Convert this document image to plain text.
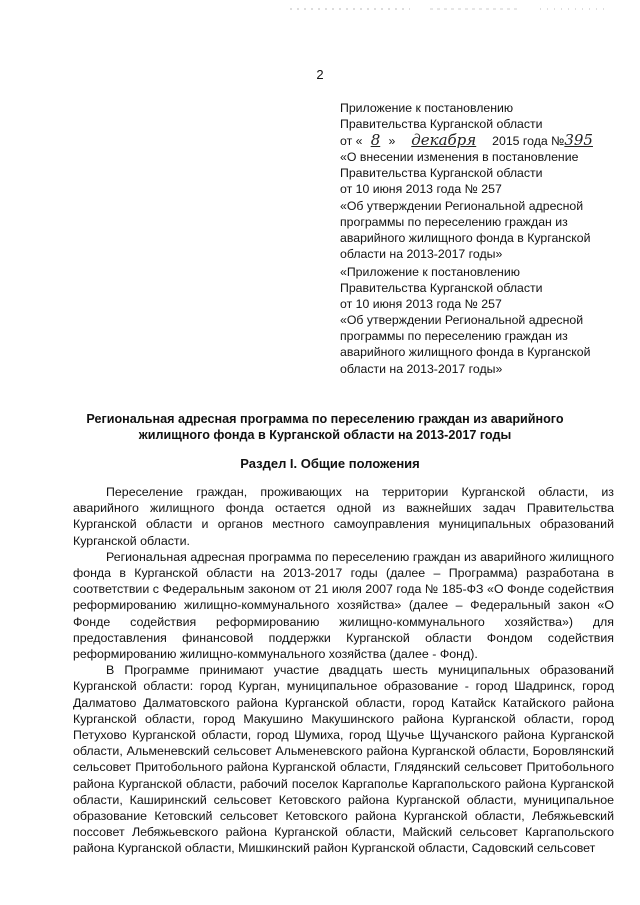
2
Приложение к постановлению
Правительства Курганской области
от « 8 » декабря 2015 года №395
«О внесении изменения в постановление
Правительства Курганской области
от 10 июня 2013 года № 257
«Об утверждении Региональной адресной
программы по переселению граждан из
аварийного жилищного фонда в Курганской
области на 2013-2017 годы»
«Приложение к постановлению
Правительства Курганской области
от 10 июня 2013 года № 257
«Об утверждении Региональной адресной
программы по переселению граждан из
аварийного жилищного фонда в Курганской
области на 2013-2017 годы»
Региональная адресная программа по переселению граждан из аварийного
жилищного фонда в Курганской области на 2013-2017 годы
Раздел I. Общие положения

Переселение граждан, проживающих на территории Курганской области, из аварийного жилищного фонда остается одной из важнейших задач Правительства Курганской области и органов местного самоуправления муниципальных образований Курганской области.

Региональная адресная программа по переселению граждан из аварийного жилищного фонда в Курганской области на 2013-2017 годы (далее – Программа) разработана в соответствии с Федеральным законом от 21 июля 2007 года № 185-ФЗ «О Фонде содействия реформированию жилищно-коммунального хозяйства» (далее – Федеральный закон «О Фонде содействия реформированию жилищно-коммунального хозяйства») для предоставления финансовой поддержки Курганской области Фондом содействия реформированию жилищно-коммунального хозяйства (далее - Фонд).

В Программе принимают участие двадцать шесть муниципальных образований Курганской области: город Курган, муниципальное образование - город Шадринск, город Далматово Далматовского района Курганской области, город Катайск Катайского района Курганской области, город Макушино Макушинского района Курганской области, город Петухово Курганской области, город Шумиха, город Щучье Щучанского района Курганской области, Альменевский сельсовет Альменевского района Курганской области, Боровлянский сельсовет Притобольного района Курганской области, Глядянский сельсовет Притобольного района Курганской области, рабочий поселок Каргаполье Каргапольского района Курганской области, Каширинский сельсовет Кетовского района Курганской области, муниципальное образование Кетовский сельсовет Кетовского района Курганской области, Лебяжьевский поссовет Лебяжьевского района Курганской области, Майский сельсовет Каргапольского района Курганской области, Мишкинский район Курганской области, Садовский сельсовет
